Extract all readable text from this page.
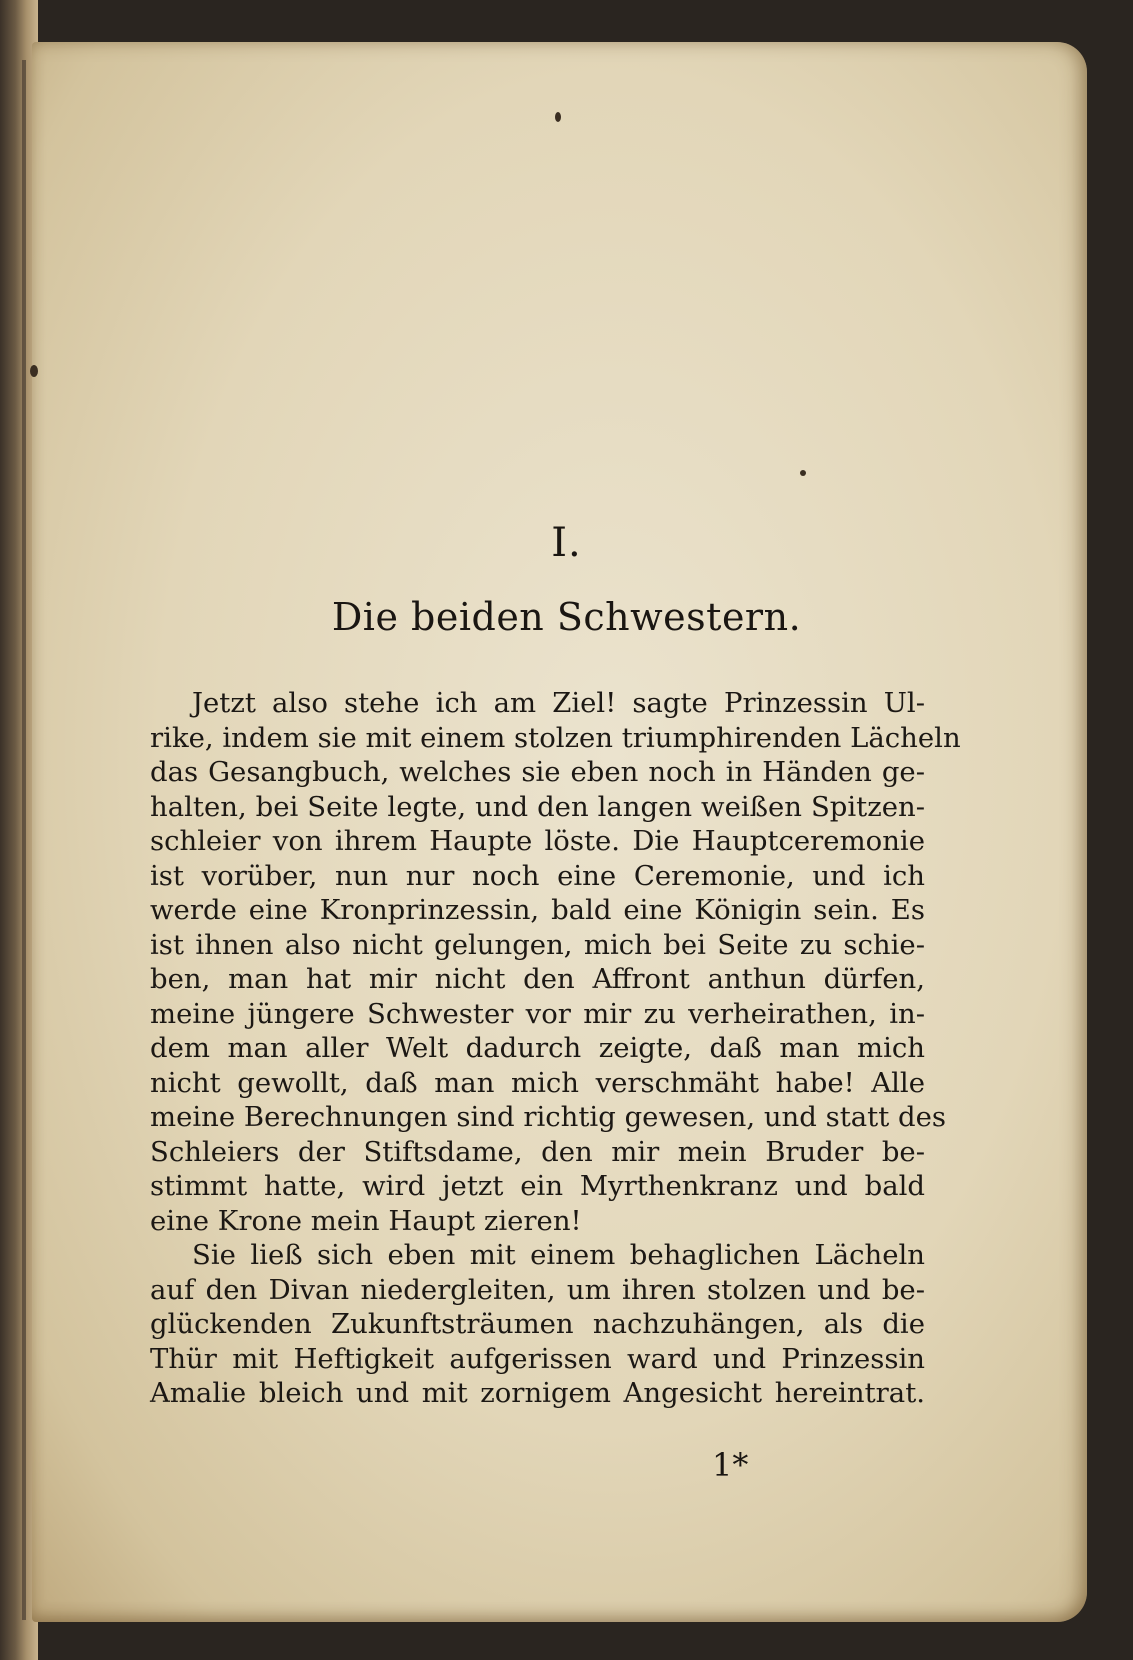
I.
Die beiden Schwestern.
Jetzt also stehe ich am Ziel! sagte Prinzessin Ul-
rike, indem sie mit einem stolzen triumphirenden Lächeln
das Gesangbuch, welches sie eben noch in Händen ge-
halten, bei Seite legte, und den langen weißen Spitzen-
schleier von ihrem Haupte löste. Die Hauptceremonie
ist vorüber, nun nur noch eine Ceremonie, und ich
werde eine Kronprinzessin, bald eine Königin sein. Es
ist ihnen also nicht gelungen, mich bei Seite zu schie-
ben, man hat mir nicht den Affront anthun dürfen,
meine jüngere Schwester vor mir zu verheirathen, in-
dem man aller Welt dadurch zeigte, daß man mich
nicht gewollt, daß man mich verschmäht habe! Alle
meine Berechnungen sind richtig gewesen, und statt des
Schleiers der Stiftsdame, den mir mein Bruder be-
stimmt hatte, wird jetzt ein Myrthenkranz und bald
eine Krone mein Haupt zieren!
Sie ließ sich eben mit einem behaglichen Lächeln
auf den Divan niedergleiten, um ihren stolzen und be-
glückenden Zukunftsträumen nachzuhängen, als die
Thür mit Heftigkeit aufgerissen ward und Prinzessin
Amalie bleich und mit zornigem Angesicht hereintrat.
1*
